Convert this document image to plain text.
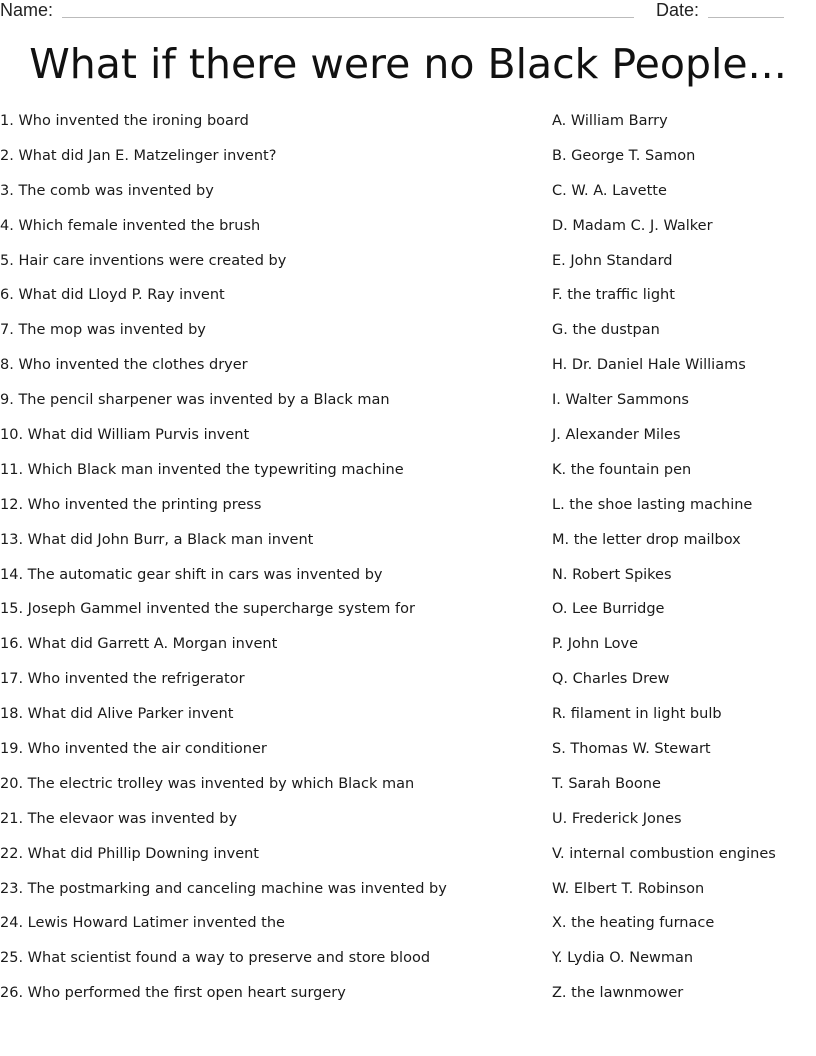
Name:	Date:
What if there were no Black People...
1. Who invented the ironing board
2. What did Jan E. Matzelinger invent?
3. The comb was invented by
4. Which female invented the brush
5. Hair care inventions were created by
6. What did Lloyd P. Ray invent
7. The mop was invented by
8. Who invented the clothes dryer
9. The pencil sharpener was invented by a Black man
10. What did William Purvis invent
11. Which Black man invented the typewriting machine
12. Who invented the printing press
13. What did John Burr, a Black man invent
14. The automatic gear shift in cars was invented by
15. Joseph Gammel invented the supercharge system for
16. What did Garrett A. Morgan invent
17. Who invented the refrigerator
18. What did Alive Parker invent
19. Who invented the air conditioner
20. The electric trolley was invented by which Black man
21. The elevaor was invented by
22. What did Phillip Downing invent
23. The postmarking and canceling machine was invented by
24. Lewis Howard Latimer invented the
25. What scientist found a way to preserve and store blood
26. Who performed the first open heart surgery
A. William Barry
B. George T. Samon
C. W. A. Lavette
D. Madam C. J. Walker
E. John Standard
F. the traffic light
G. the dustpan
H. Dr. Daniel Hale Williams
I. Walter Sammons
J. Alexander Miles
K. the fountain pen
L. the shoe lasting machine
M. the letter drop mailbox
N. Robert Spikes
O. Lee Burridge
P. John Love
Q. Charles Drew
R. filament in light bulb
S. Thomas W. Stewart
T. Sarah Boone
U. Frederick Jones
V. internal combustion engines
W. Elbert T. Robinson
X. the heating furnace
Y. Lydia O. Newman
Z. the lawnmower
